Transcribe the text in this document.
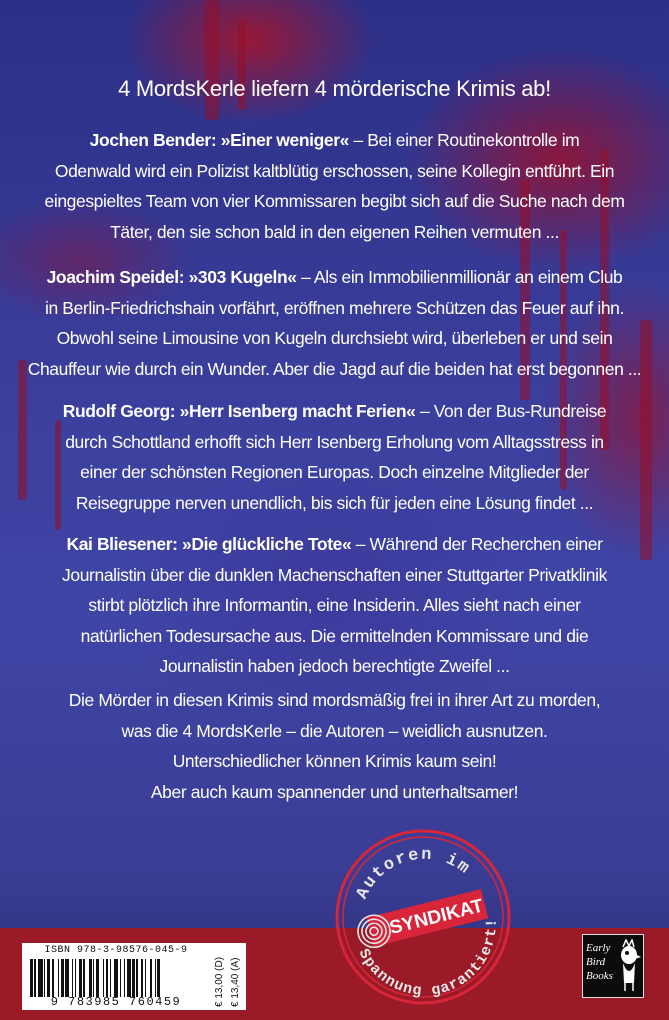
4 MordsKerle liefern 4 mörderische Krimis ab!
Jochen Bender: »Einer weniger« – Bei einer Routinekontrolle im
Odenwald wird ein Polizist kaltblütig erschossen, seine Kollegin entführt. Ein
eingespieltes Team von vier Kommissaren begibt sich auf die Suche nach dem
Täter, den sie schon bald in den eigenen Reihen vermuten ...
Joachim Speidel: »303 Kugeln« – Als ein Immobilienmillionär an einem Club
in Berlin-Friedrichshain vorfährt, eröffnen mehrere Schützen das Feuer auf ihn.
Obwohl seine Limousine von Kugeln durchsiebt wird, überleben er und sein
Chauffeur wie durch ein Wunder. Aber die Jagd auf die beiden hat erst begonnen ...
Rudolf Georg: »Herr Isenberg macht Ferien« – Von der Bus-Rundreise
durch Schottland erhofft sich Herr Isenberg Erholung vom Alltagsstress in
einer der schönsten Regionen Europas. Doch einzelne Mitglieder der
Reisegruppe nerven unendlich, bis sich für jeden eine Lösung findet ...
Kai Bliesener: »Die glückliche Tote« – Während der Recherchen einer
Journalistin über die dunklen Machenschaften einer Stuttgarter Privatklinik
stirbt plötzlich ihre Informantin, eine Insiderin. Alles sieht nach einer
natürlichen Todesursache aus. Die ermittelnden Kommissare und die
Journalistin haben jedoch berechtigte Zweifel ...
Die Mörder in diesen Krimis sind mordsmäßig frei in ihrer Art zu morden,
was die 4 MordsKerle – die Autoren – weidlich ausnutzen.
Unterschiedlicher können Krimis kaum sein!
Aber auch kaum spannender und unterhaltsamer!
ISBN 978-3-98576-045-9
9 783985 760459	€ 13,00 (D) € 13,40 (A)
Autoren im
SYNDIKAT
Spannung garantiert!
Early
Bird
Books
